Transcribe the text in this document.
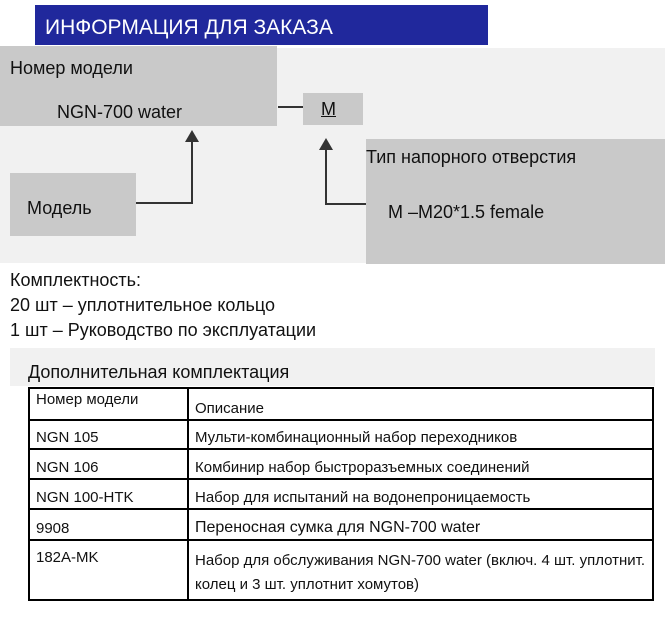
ИНФОРМАЦИЯ ДЛЯ ЗАКАЗА
Номер модели
NGN-700 water	M
Модель
Тип напорного отверстия
M –M20*1.5 female
Комплектность:
20 шт – уплотнительное кольцо
1 шт – Руководство по эксплуатации
Дополнительная комплектация
Номер модели	Описание
NGN 105	Мульти-комбинационный набор переходников
NGN 106	Комбинир набор быстроразъемных соединений
NGN 100-HTK	Набор для испытаний на водонепроницаемость
9908	Переносная сумка для NGN-700 water
182A-MK	Набор для обслуживания NGN-700 water (включ. 4 шт. уплотнит. колец и 3 шт. уплотнит хомутов)
